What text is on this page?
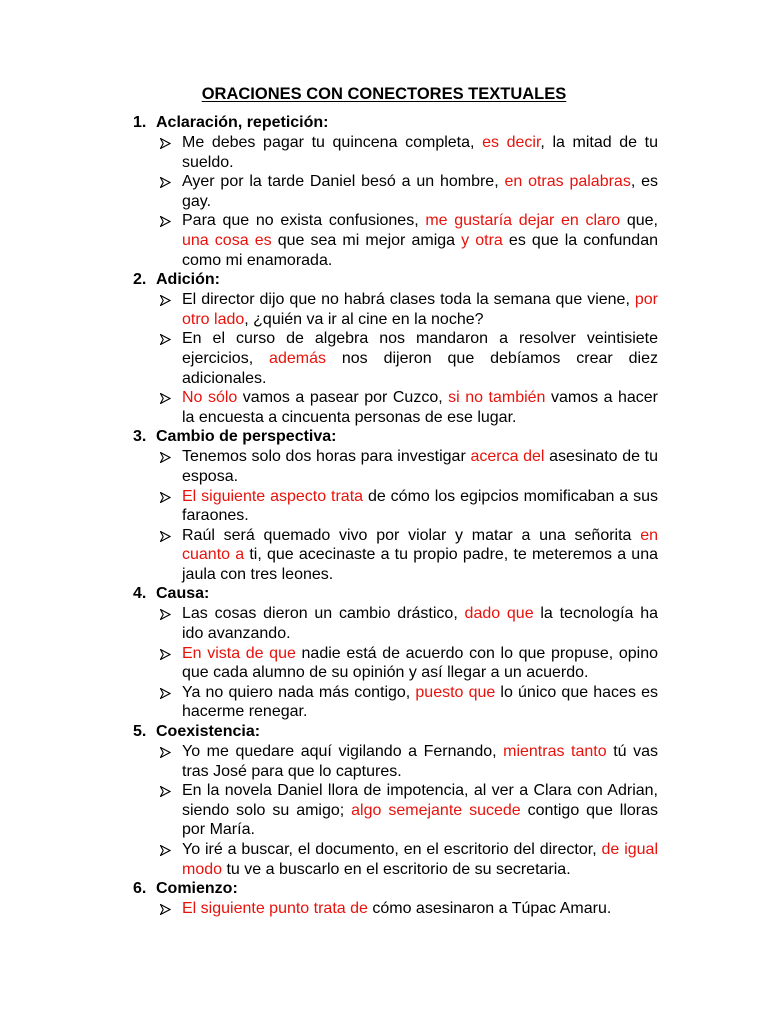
ORACIONES CON CONECTORES TEXTUALES
1. Aclaración, repetición:
Me debes pagar tu quincena completa, es decir, la mitad de tu sueldo.
Ayer por la tarde Daniel besó a un hombre, en otras palabras, es gay.
Para que no exista confusiones, me gustaría dejar en claro que, una cosa es que sea mi mejor amiga y otra es que la confundan como mi enamorada.
2. Adición:
El director dijo que no habrá clases toda la semana que viene, por otro lado, ¿quién va ir al cine en la noche?
En el curso de algebra nos mandaron a resolver veintisiete ejercicios, además nos dijeron que debíamos crear diez adicionales.
No sólo vamos a pasear por Cuzco, si no también vamos a hacer la encuesta a cincuenta personas de ese lugar.
3. Cambio de perspectiva:
Tenemos solo dos horas para investigar acerca del asesinato de tu esposa.
El siguiente aspecto trata de cómo los egipcios momificaban a sus faraones.
Raúl será quemado vivo por violar y matar a una señorita en cuanto a ti, que acecinaste a tu propio padre, te meteremos a una jaula con tres leones.
4. Causa:
Las cosas dieron un cambio drástico, dado que la tecnología ha ido avanzando.
En vista de que nadie está de acuerdo con lo que propuse, opino que cada alumno de su opinión y así llegar a un acuerdo.
Ya no quiero nada más contigo, puesto que lo único que haces es hacerme renegar.
5. Coexistencia:
Yo me quedare aquí vigilando a Fernando, mientras tanto tú vas tras José para que lo captures.
En la novela Daniel llora de impotencia, al ver a Clara con Adrian, siendo solo su amigo; algo semejante sucede contigo que lloras por María.
Yo iré a buscar, el documento, en el escritorio del director, de igual modo tu ve a buscarlo en el escritorio de su secretaria.
6. Comienzo:
El siguiente punto trata de cómo asesinaron a Túpac Amaru.
